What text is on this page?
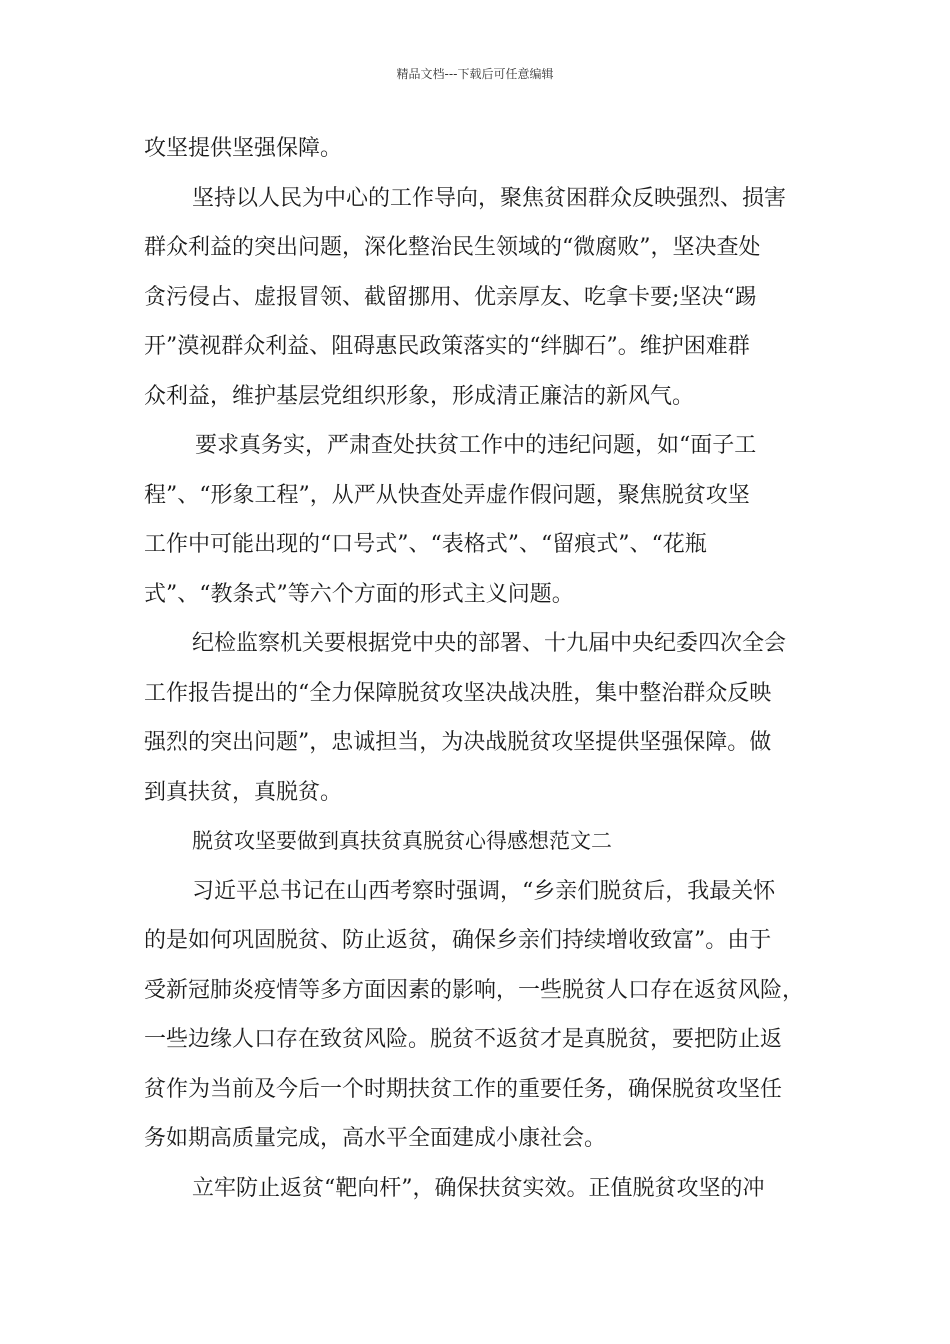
精品文档---下载后可任意编辑
攻坚提供坚强保障。
坚持以人民为中心的工作导向，聚焦贫困群众反映强烈、损害
群众利益的突出问题，深化整治民生领域的“微腐败”，坚决查处
贪污侵占、虚报冒领、截留挪用、优亲厚友、吃拿卡要;坚决“踢
开”漠视群众利益、阻碍惠民政策落实的“绊脚石”。维护困难群
众利益，维护基层党组织形象，形成清正廉洁的新风气。
要求真务实，严肃查处扶贫工作中的违纪问题，如“面子工
程”、“形象工程”，从严从快查处弄虚作假问题，聚焦脱贫攻坚
工作中可能出现的“口号式”、“表格式”、“留痕式”、“花瓶
式”、“教条式”等六个方面的形式主义问题。
纪检监察机关要根据党中央的部署、十九届中央纪委四次全会
工作报告提出的“全力保障脱贫攻坚决战决胜，集中整治群众反映
强烈的突出问题”，忠诚担当，为决战脱贫攻坚提供坚强保障。做
到真扶贫，真脱贫。
脱贫攻坚要做到真扶贫真脱贫心得感想范文二
习近平总书记在山西考察时强调，“乡亲们脱贫后，我最关怀
的是如何巩固脱贫、防止返贫，确保乡亲们持续增收致富”。由于
受新冠肺炎疫情等多方面因素的影响，一些脱贫人口存在返贫风险，
一些边缘人口存在致贫风险。脱贫不返贫才是真脱贫，要把防止返
贫作为当前及今后一个时期扶贫工作的重要任务，确保脱贫攻坚任
务如期高质量完成，高水平全面建成小康社会。
立牢防止返贫“靶向杆”，确保扶贫实效。正值脱贫攻坚的冲
